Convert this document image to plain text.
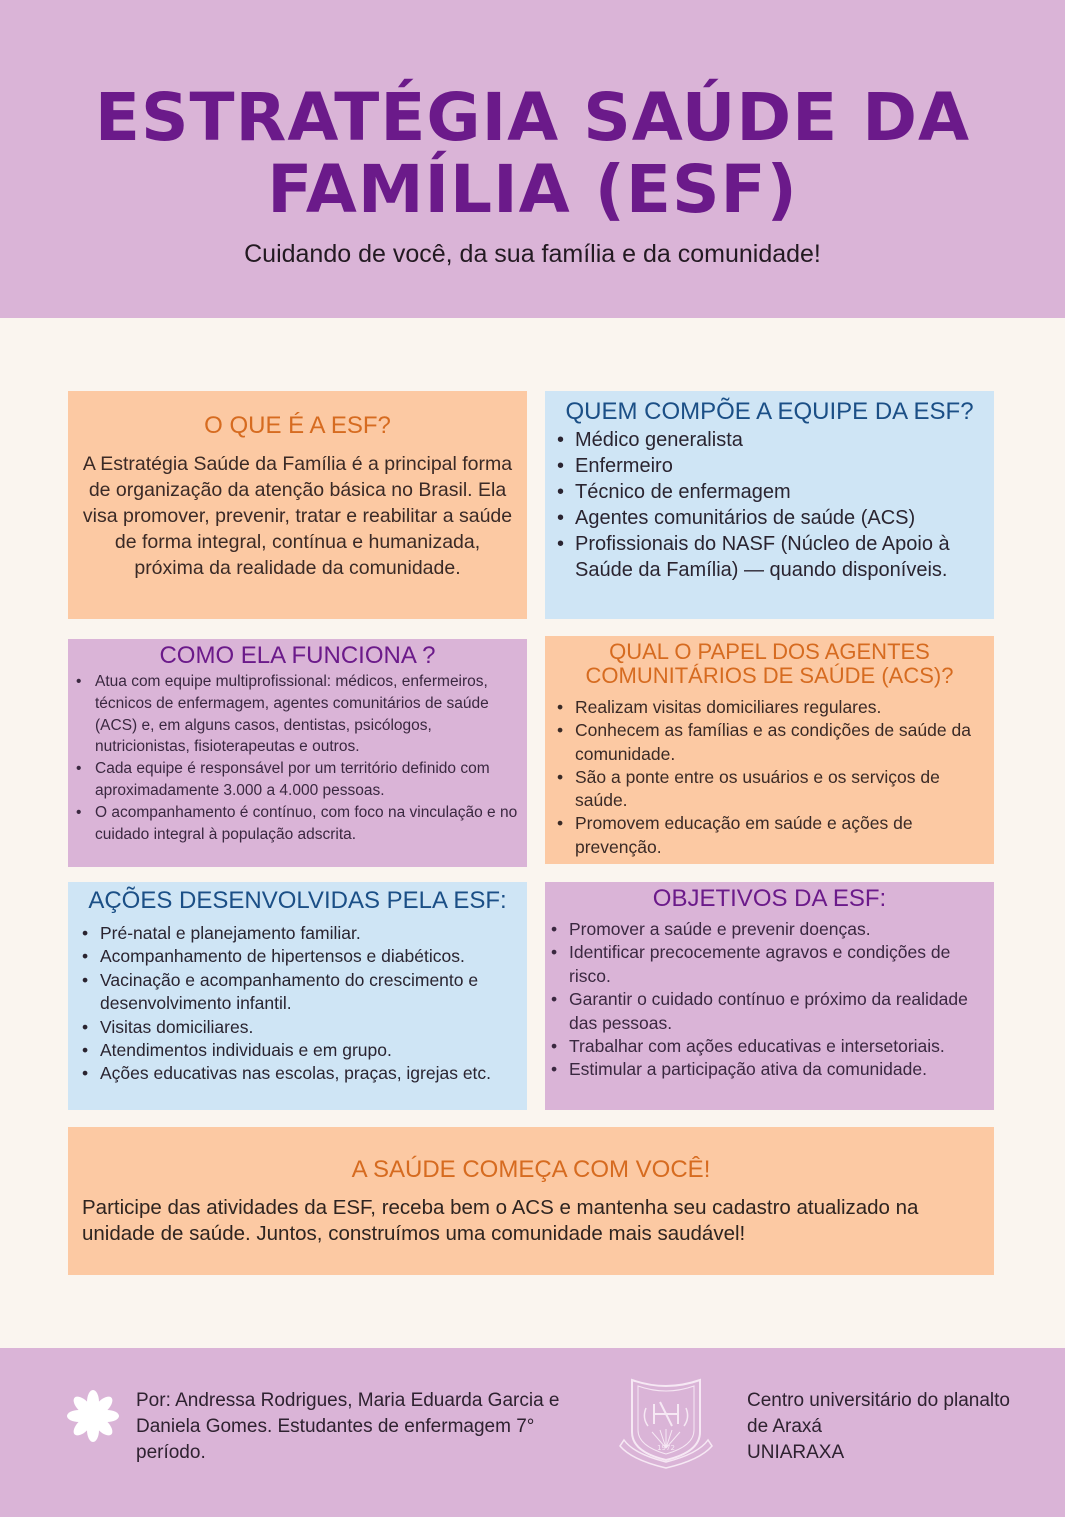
ESTRATÉGIA SAÚDE DA
FAMÍLIA (ESF)
Cuidando de você, da sua família e da comunidade!
O QUE É A ESF?

A Estratégia Saúde da Família é a principal forma de organização da atenção básica no Brasil. Ela visa promover, prevenir, tratar e reabilitar a saúde de forma integral, contínua e humanizada, próxima da realidade da comunidade.

QUEM COMPÕE A EQUIPE DA ESF?
• Médico generalista
• Enfermeiro
• Técnico de enfermagem
• Agentes comunitários de saúde (ACS)
• Profissionais do NASF (Núcleo de Apoio à Saúde da Família) — quando disponíveis.
COMO ELA FUNCIONA ?
• Atua com equipe multiprofissional: médicos, enfermeiros, técnicos de enfermagem, agentes comunitários de saúde (ACS) e, em alguns casos, dentistas, psicólogos, nutricionistas, fisioterapeutas e outros.
• Cada equipe é responsável por um território definido com aproximadamente 3.000 a 4.000 pessoas.
• O acompanhamento é contínuo, com foco na vinculação e no cuidado integral à população adscrita.
QUAL O PAPEL DOS AGENTES COMUNITÁRIOS DE SAÚDE (ACS)?
• Realizam visitas domiciliares regulares.
• Conhecem as famílias e as condições de saúde da comunidade.
• São a ponte entre os usuários e os serviços de saúde.
• Promovem educação em saúde e ações de prevenção.
AÇÕES DESENVOLVIDAS PELA ESF:
• Pré-natal e planejamento familiar.
• Acompanhamento de hipertensos e diabéticos.
• Vacinação e acompanhamento do crescimento e desenvolvimento infantil.
• Visitas domiciliares.
• Atendimentos individuais e em grupo.
• Ações educativas nas escolas, praças, igrejas etc.
OBJETIVOS DA ESF:
• Promover a saúde e prevenir doenças.
• Identificar precocemente agravos e condições de risco.
• Garantir o cuidado contínuo e próximo da realidade das pessoas.
• Trabalhar com ações educativas e intersetoriais.
• Estimular a participação ativa da comunidade.
A SAÚDE COMEÇA COM VOCÊ!

Participe das atividades da ESF, receba bem o ACS e mantenha seu cadastro atualizado na unidade de saúde. Juntos, construímos uma comunidade mais saudável!

Por: Andressa Rodrigues, Maria Eduarda Garcia e Daniela Gomes. Estudantes de enfermagem 7° período.	1972
Centro universitário do planalto
de Araxá
UNIARAXA
